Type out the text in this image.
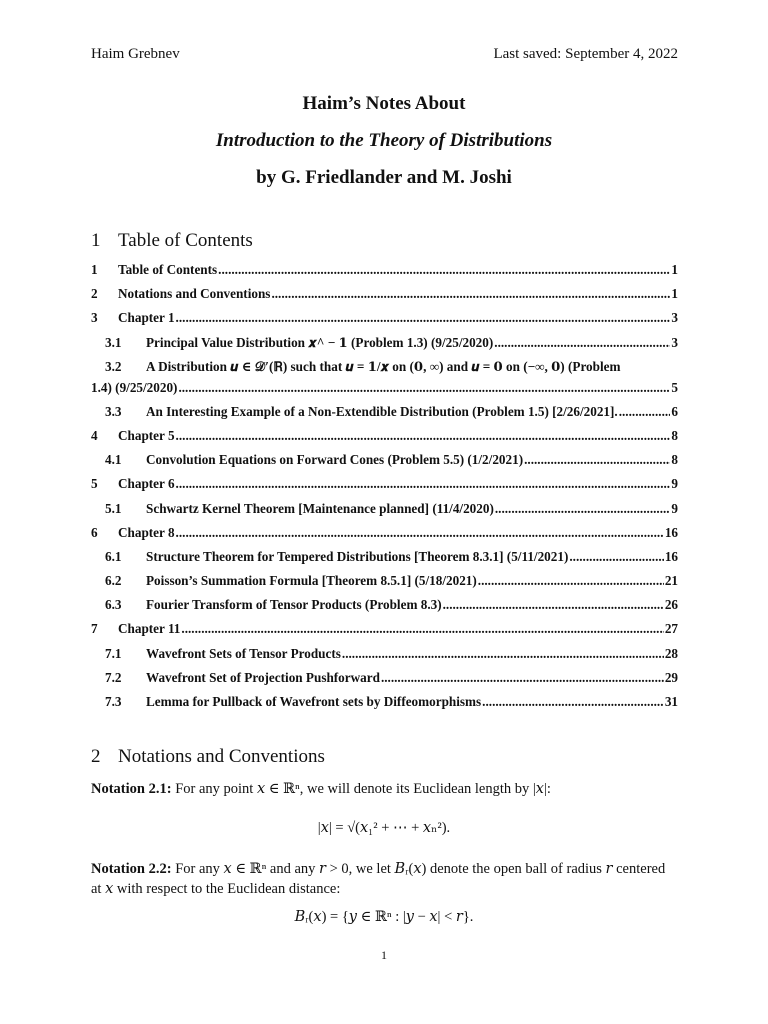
Haim Grebnev	Last saved: September 4, 2022
Haim’s Notes About
Introduction to the Theory of Distributions
by G. Friedlander and M. Joshi
1 Table of Contents
1	Table of Contents .....	1
2	Notations and Conventions .....	1
3	Chapter 1 .....	3
3.1	Principal Value Distribution 𝒙^ − 𝟏 (Problem 1.3) (9/25/2020) .....	3
3.2	A Distribution 𝒖 ∈ 𝒟′(ℝ) such that 𝒖 = 𝟏/𝒙 on (𝟎, ∞) and 𝒖 = 𝟎 on (−∞, 𝟎) (Problem
1.4) (9/25/2020) .....	5
3.3	An Interesting Example of a Non-Extendible Distribution (Problem 1.5) [2/26/2021]. .....	6
4	Chapter 5 .....	8
4.1	Convolution Equations on Forward Cones (Problem 5.5) (1/2/2021) .....	8
5	Chapter 6 .....	9
5.1	Schwartz Kernel Theorem [Maintenance planned] (11/4/2020) .....	9
6	Chapter 8 .....	16
6.1	Structure Theorem for Tempered Distributions [Theorem 8.3.1] (5/11/2021) .....	16
6.2	Poisson’s Summation Formula [Theorem 8.5.1] (5/18/2021) .....	21
6.3	Fourier Transform of Tensor Products (Problem 8.3) .....	26
7	Chapter 11 .....	27
7.1	Wavefront Sets of Tensor Products .....	28
7.2	Wavefront Set of Projection Pushforward .....	29
7.3	Lemma for Pullback of Wavefront sets by Diffeomorphisms .....	31
2 Notations and Conventions
Notation 2.1: For any point 𝑥 ∈ ℝⁿ, we will denote its Euclidean length by |𝑥|:
|𝑥| = √(𝑥₁² + ⋯ + 𝑥ₙ²).
Notation 2.2: For any 𝑥 ∈ ℝⁿ and any 𝑟 > 0, we let 𝐵ᵣ(𝑥) denote the open ball of radius 𝑟 centered at 𝑥 with respect to the Euclidean distance:
𝐵ᵣ(𝑥) = {𝑦 ∈ ℝⁿ : |𝑦 − 𝑥| < 𝑟}.
1
